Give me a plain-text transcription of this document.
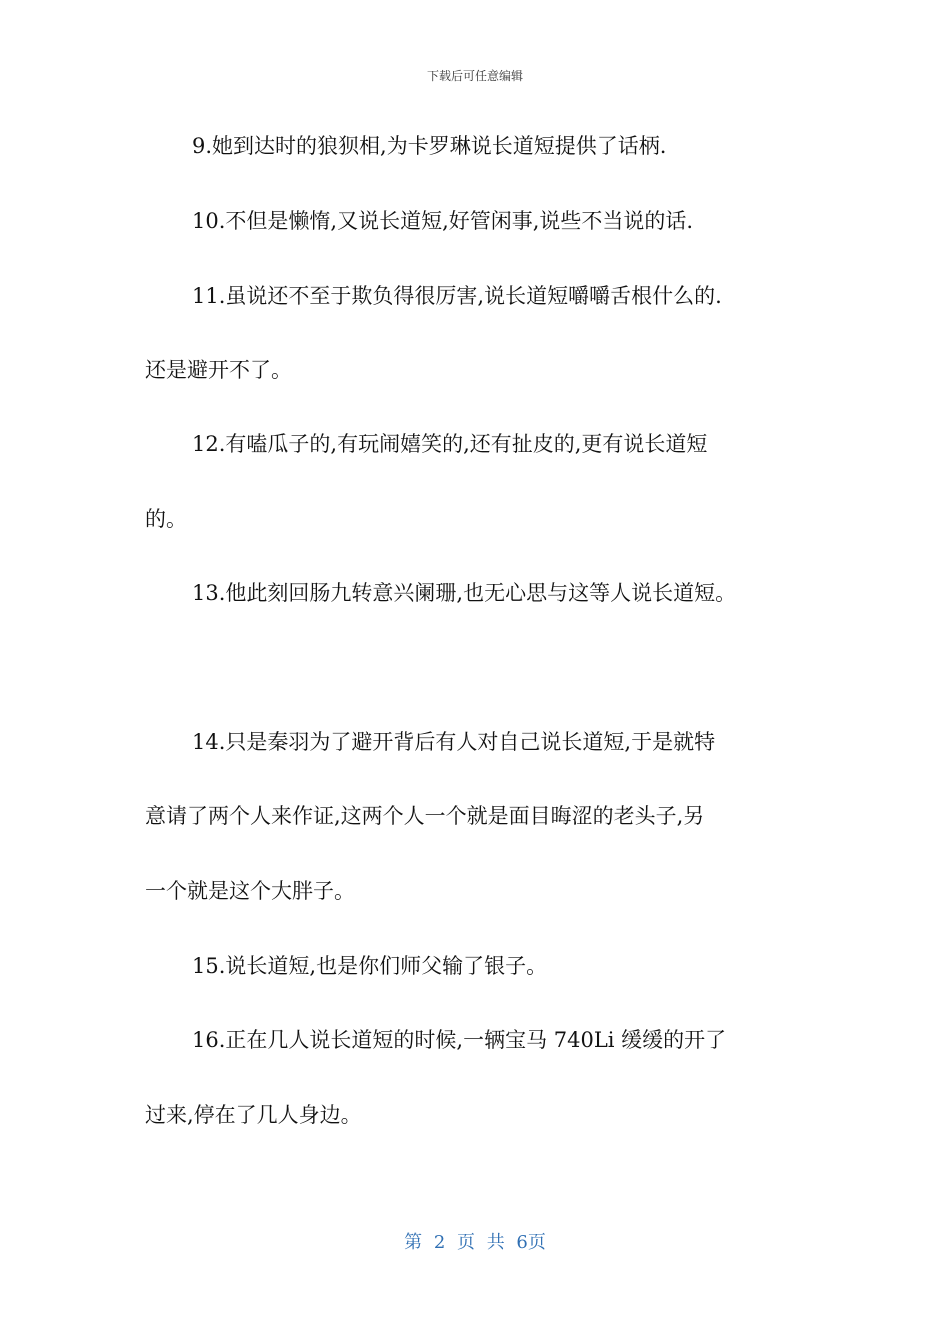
下载后可任意编辑
9.她到达时的狼狈相,为卡罗琳说长道短提供了话柄.
10.不但是懒惰,又说长道短,好管闲事,说些不当说的话.
11.虽说还不至于欺负得很厉害,说长道短嚼嚼舌根什么的.
还是避开不了。
12.有嗑瓜子的,有玩闹嬉笑的,还有扯皮的,更有说长道短
的。
13.他此刻回肠九转意兴阑珊,也无心思与这等人说长道短。
14.只是秦羽为了避开背后有人对自己说长道短,于是就特
意请了两个人来作证,这两个人一个就是面目晦涩的老头子,另
一个就是这个大胖子。
15.说长道短,也是你们师父输了银子。
16.正在几人说长道短的时候,一辆宝马 740Li 缓缓的开了
过来,停在了几人身边。
第 2 页 共 6页
